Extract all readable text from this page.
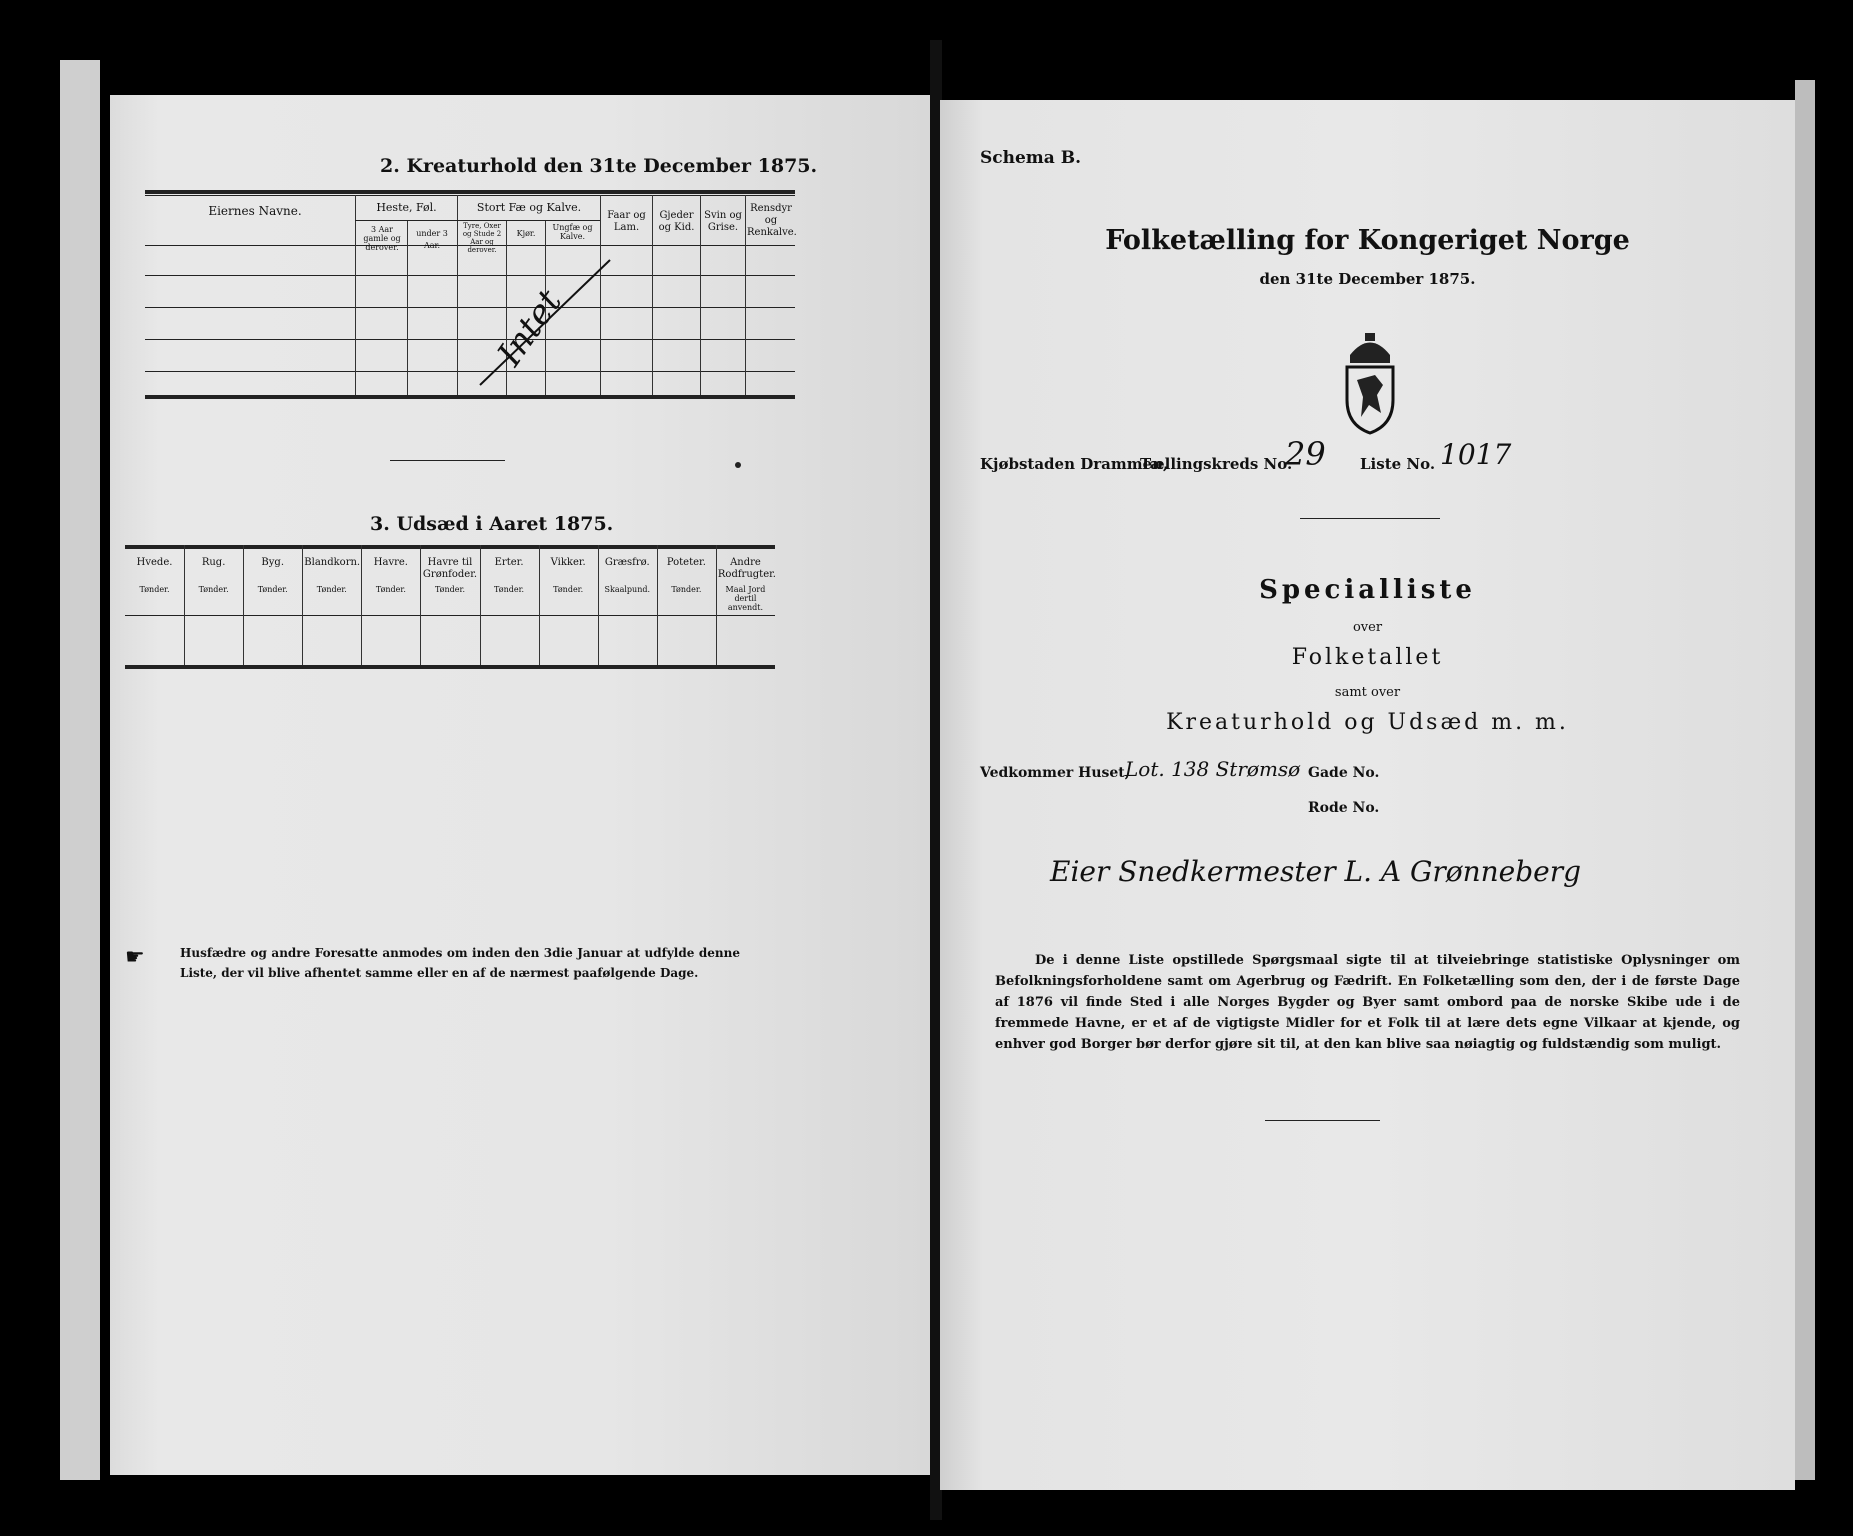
2. Kreaturhold den 31te December 1875.
Eiernes Navne.	Heste, Føl.
3 Aar gamle og derover.
under 3 Aar.
Stort Fæ og Kalve.
Tyre, Oxer og Stude 2 Aar og derover.
Kjør.
Ungfæ og Kalve.
Faar og Lam.
Gjeder og Kid.
Svin og Grise.
Rensdyr og Renkalve.
Intet
3. Udsæd i Aaret 1875.
☛	Husfædre og andre Foresatte anmodes om inden den 3die Januar at udfylde denne Liste, der vil blive afhentet samme eller en af de nærmest paafølgende Dage.
Hvede.
Tønder.
Rug.
Tønder.
Byg.
Tønder.
Blandkorn.
Tønder.
Havre.
Tønder.
Havre til Grønfoder.
Tønder.
Erter.
Tønder.
Vikker.
Tønder.
Græsfrø.
Skaalpund.
Poteter.
Tønder.
Andre Rodfrugter.
Maal Jord dertil anvendt.
Schema B.
Folketælling for Kongeriget Norge
den 31te December 1875.
Kjøbstaden Drammen,
Tællingskreds No.
29 Liste No. 1017
Specialliste
over
Folketallet
samt over
Kreaturhold og Udsæd m. m.
Vedkommer Huset,
Lot. 138 Strømsø Gade No.
Rode No.
Eier Snedkermester L. A Grønneberg
De i denne Liste opstillede Spørgsmaal sigte til at tilveiebringe statistiske Oplysninger om Befolkningsforholdene samt om Agerbrug og Fædrift. En Folketælling som den, der i de første Dage af 1876 vil finde Sted i alle Norges Bygder og Byer samt ombord paa de norske Skibe ude i de fremmede Havne, er et af de vigtigste Midler for et Folk til at lære dets egne Vilkaar at kjende, og enhver god Borger bør derfor gjøre sit til, at den kan blive saa nøiagtig og fuldstændig som muligt.
